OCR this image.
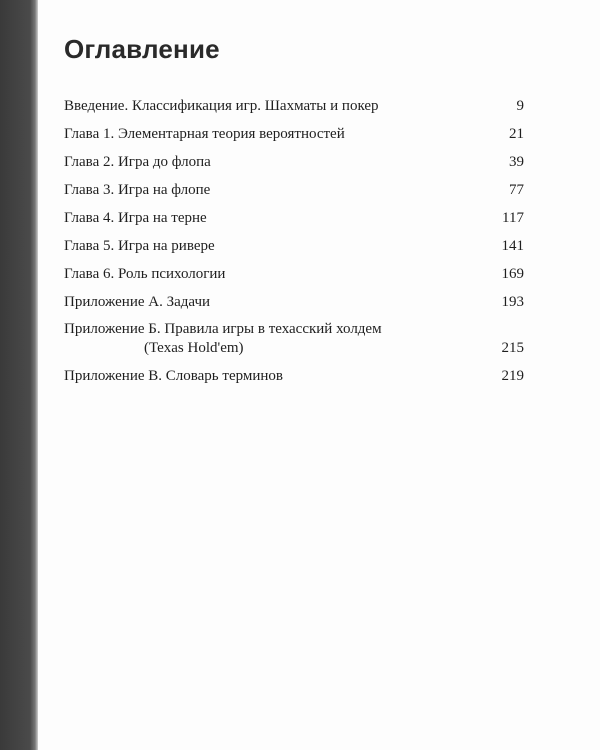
Оглавление
Введение. Классификация игр. Шахматы и покер	9
Глава 1. Элементарная теория вероятностей	21
Глава 2. Игра до флопа	39
Глава 3. Игра на флопе	77
Глава 4. Игра на терне	117
Глава 5. Игра на ривере	141
Глава 6. Роль психологии	169
Приложение А. Задачи	193
Приложение Б. Правила игры в техасский холдем
(Texas Hold'em)	215
Приложение В. Словарь терминов	219
